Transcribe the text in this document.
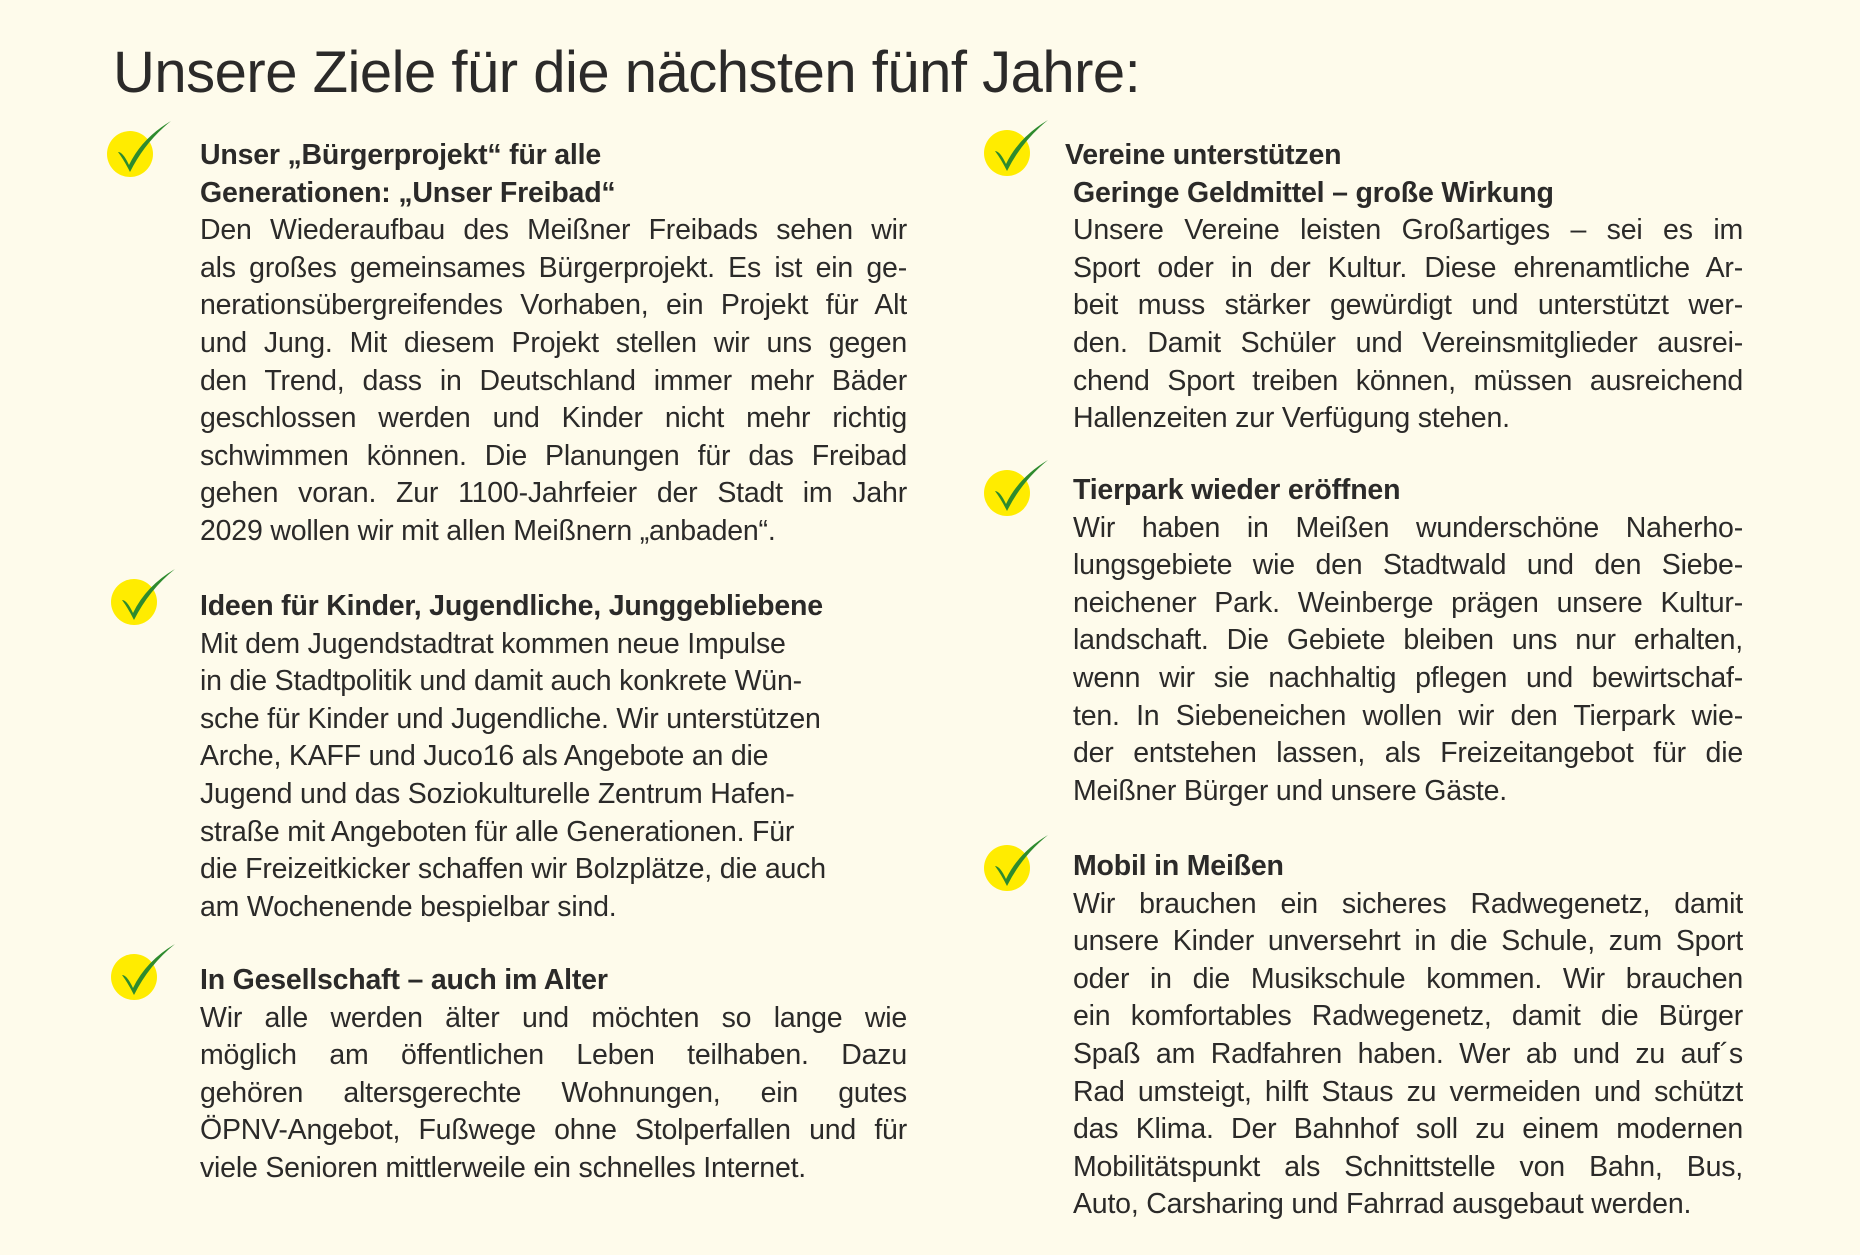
Unsere Ziele für die nächsten fünf Jahre:

Unser „Bürgerprojekt“ für alle
Generationen: „Unser Freibad“

Den Wiederaufbau des Meißner Freibads sehen wir
als großes gemeinsames Bürgerprojekt. Es ist ein ge-
nerationsübergreifendes Vorhaben, ein Projekt für Alt
und Jung. Mit diesem Projekt stellen wir uns gegen
den Trend, dass in Deutschland immer mehr Bäder
geschlossen werden und Kinder nicht mehr richtig
schwimmen können. Die Planungen für das Freibad
gehen voran. Zur 1100-Jahrfeier der Stadt im Jahr
2029 wollen wir mit allen Meißnern „anbaden“.

Ideen für Kinder, Jugendliche, Junggebliebene

Mit dem Jugendstadtrat kommen neue Impulse
in die Stadtpolitik und damit auch konkrete Wün-
sche für Kinder und Jugendliche. Wir unterstützen
Arche, KAFF und Juco16 als Angebote an die
Jugend und das Soziokulturelle Zentrum Hafen-
straße mit Angeboten für alle Generationen. Für
die Freizeitkicker schaffen wir Bolzplätze, die auch
am Wochenende bespielbar sind.

In Gesellschaft – auch im Alter

Wir alle werden älter und möchten so lange wie
möglich am öffentlichen Leben teilhaben. Dazu
gehören altersgerechte Wohnungen, ein gutes
ÖPNV-Angebot, Fußwege ohne Stolperfallen und für
viele Senioren mittlerweile ein schnelles Internet.

Vereine unterstützen
Geringe Geldmittel – große Wirkung

Unsere Vereine leisten Großartiges – sei es im
Sport oder in der Kultur. Diese ehrenamtliche Ar-
beit muss stärker gewürdigt und unterstützt wer-
den. Damit Schüler und Vereinsmitglieder ausrei-
chend Sport treiben können, müssen ausreichend
Hallenzeiten zur Verfügung stehen.

Tierpark wieder eröffnen

Wir haben in Meißen wunderschöne Naherho-
lungsgebiete wie den Stadtwald und den Siebe-
neichener Park. Weinberge prägen unsere Kultur-
landschaft. Die Gebiete bleiben uns nur erhalten,
wenn wir sie nachhaltig pflegen und bewirtschaf-
ten. In Siebeneichen wollen wir den Tierpark wie-
der entstehen lassen, als Freizeitangebot für die
Meißner Bürger und unsere Gäste.

Mobil in Meißen

Wir brauchen ein sicheres Radwegenetz, damit
unsere Kinder unversehrt in die Schule, zum Sport
oder in die Musikschule kommen. Wir brauchen
ein komfortables Radwegenetz, damit die Bürger
Spaß am Radfahren haben. Wer ab und zu auf´s
Rad umsteigt, hilft Staus zu vermeiden und schützt
das Klima. Der Bahnhof soll zu einem modernen
Mobilitätspunkt als Schnittstelle von Bahn, Bus,
Auto, Carsharing und Fahrrad ausgebaut werden.
